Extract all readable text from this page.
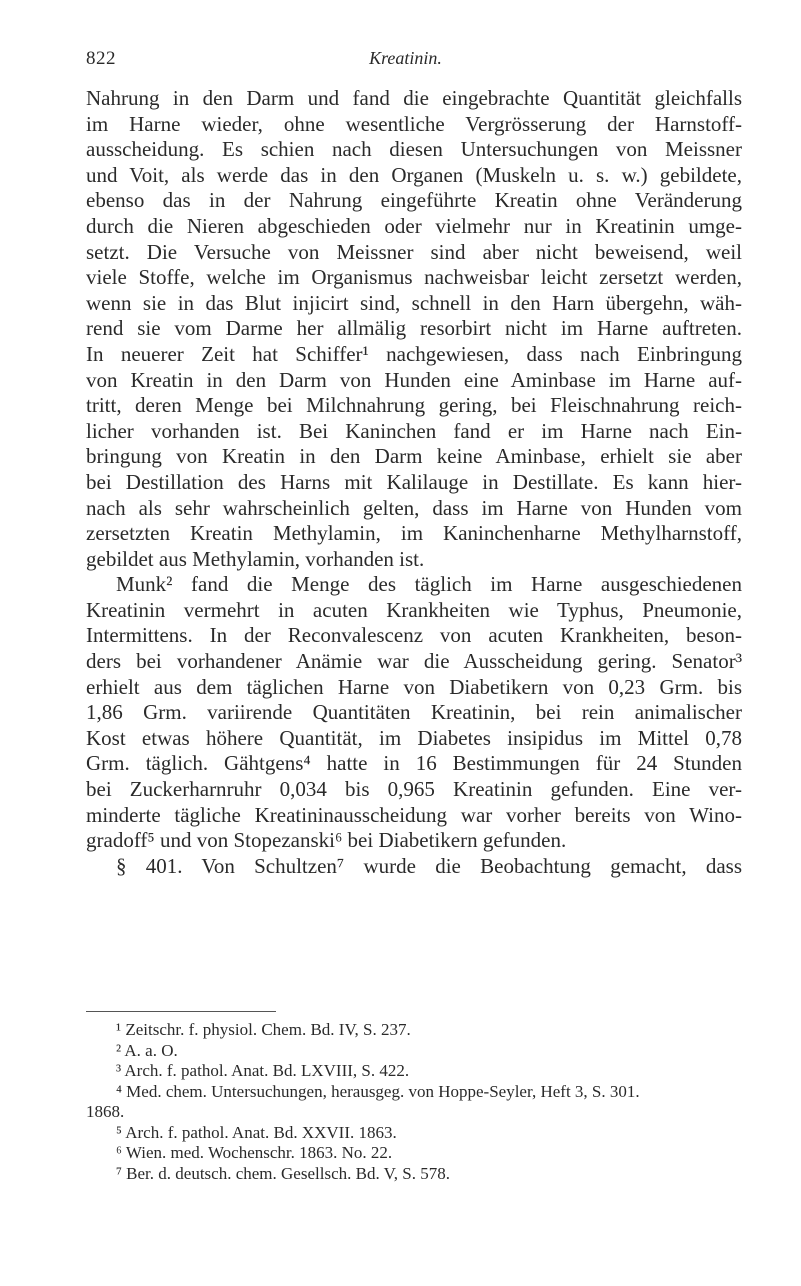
822	Kreatinin.
Nahrung in den Darm und fand die eingebrachte Quantität gleichfalls
im Harne wieder, ohne wesentliche Vergrösserung der Harnstoff-
ausscheidung. Es schien nach diesen Untersuchungen von Meissner
und Voit, als werde das in den Organen (Muskeln u. s. w.) gebildete,
ebenso das in der Nahrung eingeführte Kreatin ohne Veränderung
durch die Nieren abgeschieden oder vielmehr nur in Kreatinin umge-
setzt. Die Versuche von Meissner sind aber nicht beweisend, weil
viele Stoffe, welche im Organismus nachweisbar leicht zersetzt werden,
wenn sie in das Blut injicirt sind, schnell in den Harn übergehn, wäh-
rend sie vom Darme her allmälig resorbirt nicht im Harne auftreten.
In neuerer Zeit hat Schiffer¹ nachgewiesen, dass nach Einbringung
von Kreatin in den Darm von Hunden eine Aminbase im Harne auf-
tritt, deren Menge bei Milchnahrung gering, bei Fleischnahrung reich-
licher vorhanden ist. Bei Kaninchen fand er im Harne nach Ein-
bringung von Kreatin in den Darm keine Aminbase, erhielt sie aber
bei Destillation des Harns mit Kalilauge in Destillate. Es kann hier-
nach als sehr wahrscheinlich gelten, dass im Harne von Hunden vom
zersetzten Kreatin Methylamin, im Kaninchenharne Methylharnstoff,
gebildet aus Methylamin, vorhanden ist.
Munk² fand die Menge des täglich im Harne ausgeschiedenen
Kreatinin vermehrt in acuten Krankheiten wie Typhus, Pneumonie,
Intermittens. In der Reconvalescenz von acuten Krankheiten, beson-
ders bei vorhandener Anämie war die Ausscheidung gering. Senator³
erhielt aus dem täglichen Harne von Diabetikern von 0,23 Grm. bis
1,86 Grm. variirende Quantitäten Kreatinin, bei rein animalischer
Kost etwas höhere Quantität, im Diabetes insipidus im Mittel 0,78
Grm. täglich. Gähtgens⁴ hatte in 16 Bestimmungen für 24 Stunden
bei Zuckerharnruhr 0,034 bis 0,965 Kreatinin gefunden. Eine ver-
minderte tägliche Kreatininausscheidung war vorher bereits von Wino-
gradoff⁵ und von Stopezanski⁶ bei Diabetikern gefunden.
§ 401. Von Schultzen⁷ wurde die Beobachtung gemacht, dass
¹ Zeitschr. f. physiol. Chem. Bd. IV, S. 237.
² A. a. O.
³ Arch. f. pathol. Anat. Bd. LXVIII, S. 422.
⁴ Med. chem. Untersuchungen, herausgeg. von Hoppe-Seyler, Heft 3, S. 301.
1868.
⁵ Arch. f. pathol. Anat. Bd. XXVII. 1863.
⁶ Wien. med. Wochenschr. 1863. No. 22.
⁷ Ber. d. deutsch. chem. Gesellsch. Bd. V, S. 578.
